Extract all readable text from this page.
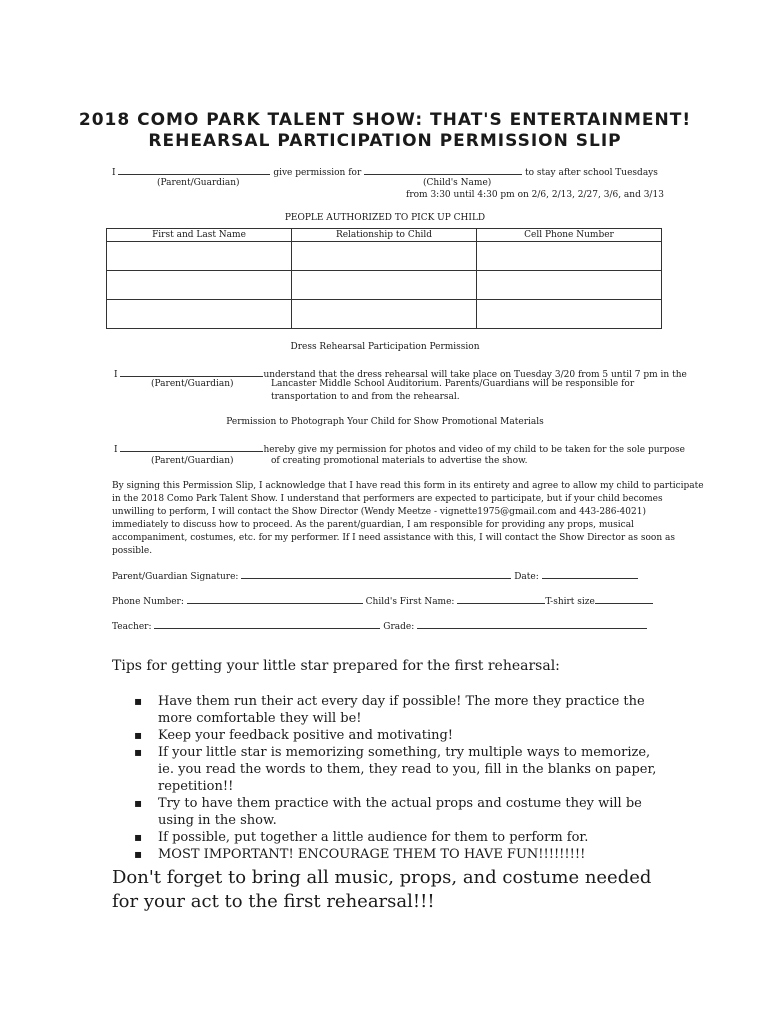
2018 COMO PARK TALENT SHOW: THAT'S ENTERTAINMENT!
REHEARSAL PARTICIPATION PERMISSION SLIP
I	give permission for	to stay after school Tuesdays
(Parent/Guardian)	(Child's Name)
from 3:30 until 4:30 pm on 2/6, 2/13, 2/27, 3/6, and 3/13
PEOPLE AUTHORIZED TO PICK UP CHILD
First and Last Name	Relationship to Child	Cell Phone Number

Dress Rehearsal Participation Permission
I	understand that the dress rehearsal will take place on Tuesday 3/20 from 5 until 7 pm in the
(Parent/Guardian)	Lancaster Middle School Auditorium. Parents/Guardians will be responsible for
transportation to and from the rehearsal.
Permission to Photograph Your Child for Show Promotional Materials
I	hereby give my permission for photos and video of my child to be taken for the sole purpose
(Parent/Guardian)	of creating promotional materials to advertise the show.
By signing this Permission Slip, I acknowledge that I have read this form in its entirety and agree to allow my child to participate
in the 2018 Como Park Talent Show. I understand that performers are expected to participate, but if your child becomes
unwilling to perform, I will contact the Show Director (Wendy Meetze - vignette1975@gmail.com and 443-286-4021)
immediately to discuss how to proceed. As the parent/guardian, I am responsible for providing any props, musical
accompaniment, costumes, etc. for my performer. If I need assistance with this, I will contact the Show Director as soon as
possible.
Parent/Guardian Signature:	Date:
Phone Number:	Child's First Name:	T-shirt size
Teacher:	Grade:
Tips for getting your little star prepared for the first rehearsal:
▪ Have them run their act every day if possible! The more they practice the more comfortable they will be!
▪ Keep your feedback positive and motivating!
▪ If your little star is memorizing something, try multiple ways to memorize, ie. you read the words to them, they read to you, fill in the blanks on paper, repetition!!
▪ Try to have them practice with the actual props and costume they will be using in the show.
▪ If possible, put together a little audience for them to perform for.
▪ MOST IMPORTANT! ENCOURAGE THEM TO HAVE FUN!!!!!!!!!
Don't forget to bring all music, props, and costume needed for your act to the first rehearsal!!!
